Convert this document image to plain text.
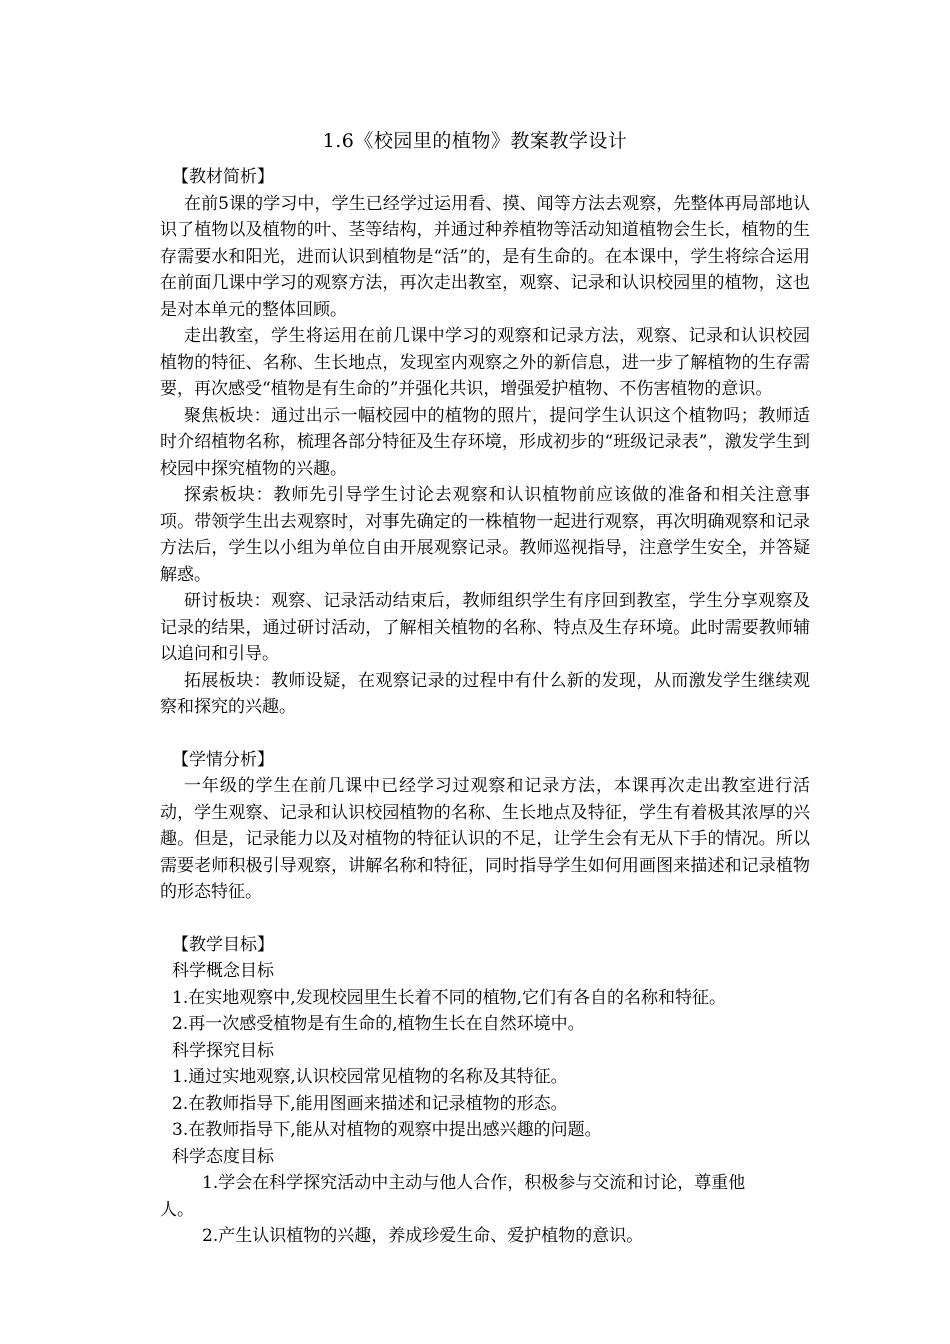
1.6《校园里的植物》教案教学设计

【教材简析】

在前5课的学习中，学生已经学过运用看、摸、闻等方法去观察，先整体再局部地认识了植物以及植物的叶、茎等结构，并通过种养植物等活动知道植物会生长，植物的生存需要水和阳光，进而认识到植物是“活”的，是有生命的。在本课中，学生将综合运用在前面几课中学习的观察方法，再次走出教室，观察、记录和认识校园里的植物，这也是对本单元的整体回顾。

走出教室，学生将运用在前几课中学习的观察和记录方法，观察、记录和认识校园植物的特征、名称、生长地点，发现室内观察之外的新信息，进一步了解植物的生存需要，再次感受“植物是有生命的”并强化共识，增强爱护植物、不伤害植物的意识。

聚焦板块：通过出示一幅校园中的植物的照片，提问学生认识这个植物吗；教师适时介绍植物名称，梳理各部分特征及生存环境，形成初步的“班级记录表”，激发学生到校园中探究植物的兴趣。

探索板块：教师先引导学生讨论去观察和认识植物前应该做的准备和相关注意事项。带领学生出去观察时，对事先确定的一株植物一起进行观察，再次明确观察和记录方法后，学生以小组为单位自由开展观察记录。教师巡视指导，注意学生安全，并答疑解惑。

研讨板块：观察、记录活动结束后，教师组织学生有序回到教室，学生分享观察及记录的结果，通过研讨活动，了解相关植物的名称、特点及生存环境。此时需要教师辅以追问和引导。

拓展板块：教师设疑，在观察记录的过程中有什么新的发现，从而激发学生继续观察和探究的兴趣。

【学情分析】

一年级的学生在前几课中已经学习过观察和记录方法，本课再次走出教室进行活动，学生观察、记录和认识校园植物的名称、生长地点及特征，学生有着极其浓厚的兴趣。但是，记录能力以及对植物的特征认识的不足，让学生会有无从下手的情况。所以需要老师积极引导观察，讲解名称和特征，同时指导学生如何用画图来描述和记录植物的形态特征。

【教学目标】

科学概念目标

1.在实地观察中,发现校园里生长着不同的植物,它们有各自的名称和特征。

2.再一次感受植物是有生命的,植物生长在自然环境中。

科学探究目标

1.通过实地观察,认识校园常见植物的名称及其特征。

2.在教师指导下,能用图画来描述和记录植物的形态。

3.在教师指导下,能从对植物的观察中提出感兴趣的问题。

科学态度目标

1.学会在科学探究活动中主动与他人合作，积极参与交流和讨论，尊重他

人。

2.产生认识植物的兴趣，养成珍爱生命、爱护植物的意识。
